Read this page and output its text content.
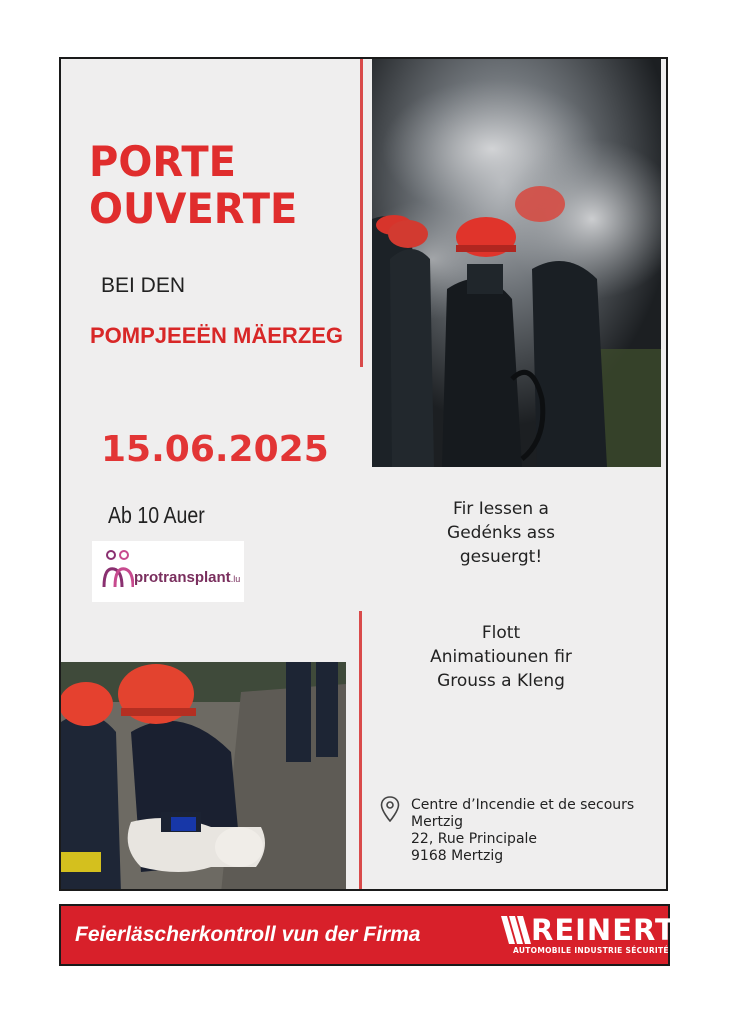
PORTE
OUVERTE
BEI DEN
POMPJEEËN MÄERZEG
15.06.2025
Ab 10 Auer
protransplant.lu
Fir Iessen a
Gedénks ass
gesuergt!
Flott
Animatiounen fir
Grouss a Kleng
Centre d’Incendie et de secours
Mertzig
22, Rue Principale
9168 Mertzig
Feierläscherkontroll vun der Firma	REINERT
AUTOMOBILE INDUSTRIE SÉCURITÉ
